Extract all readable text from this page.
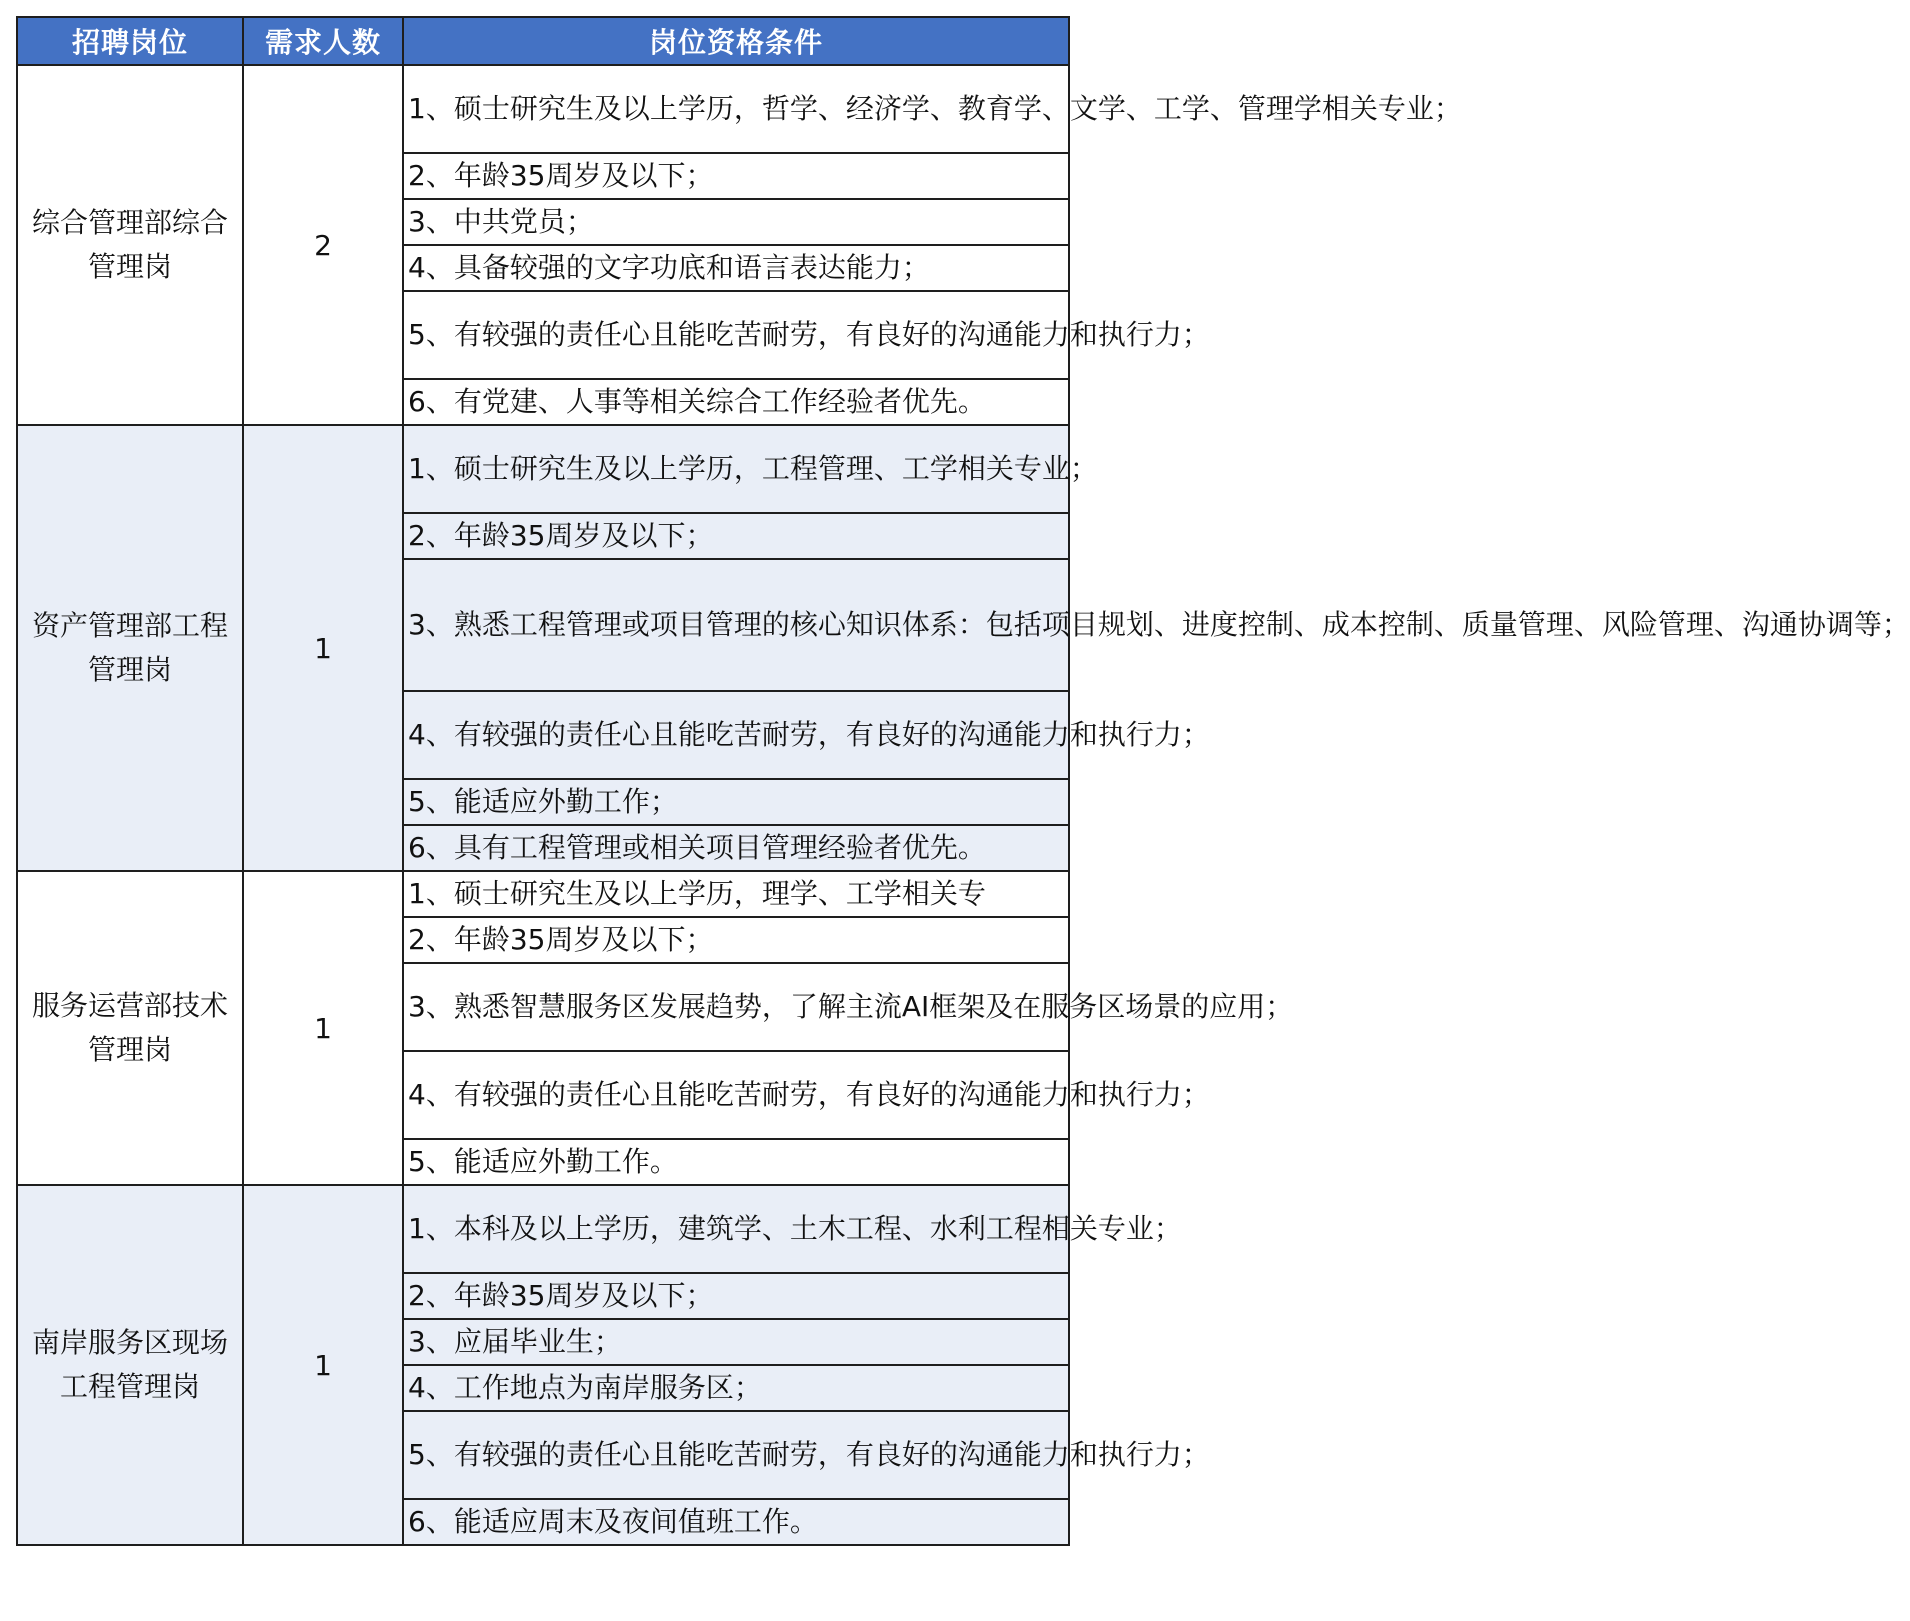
招聘岗位	需求人数	岗位资格条件
综合管理部综合管理岗	2	1、硕士研究生及以上学历，哲学、经济学、教育学、文学、工学、管理学相关专业；
		2、年龄35周岁及以下；
		3、中共党员；
		4、具备较强的文字功底和语言表达能力；
		5、有较强的责任心且能吃苦耐劳，有良好的沟通能力和执行力；
		6、有党建、人事等相关综合工作经验者优先。
资产管理部工程管理岗	1	1、硕士研究生及以上学历，工程管理、工学相关专业；
		2、年龄35周岁及以下；
		3、熟悉工程管理或项目管理的核心知识体系：包括项目规划、进度控制、成本控制、质量管理、风险管理、沟通协调等；
		4、有较强的责任心且能吃苦耐劳，有良好的沟通能力和执行力；
		5、能适应外勤工作；
		6、具有工程管理或相关项目管理经验者优先。
服务运营部技术管理岗	1	1、硕士研究生及以上学历，理学、工学相关专
		2、年龄35周岁及以下；
		3、熟悉智慧服务区发展趋势，了解主流AI框架及在服务区场景的应用；
		4、有较强的责任心且能吃苦耐劳，有良好的沟通能力和执行力；
		5、能适应外勤工作。
南岸服务区现场工程管理岗	1	1、本科及以上学历，建筑学、土木工程、水利工程相关专业；
		2、年龄35周岁及以下；
		3、应届毕业生；
		4、工作地点为南岸服务区；
		5、有较强的责任心且能吃苦耐劳，有良好的沟通能力和执行力；
		6、能适应周末及夜间值班工作。
